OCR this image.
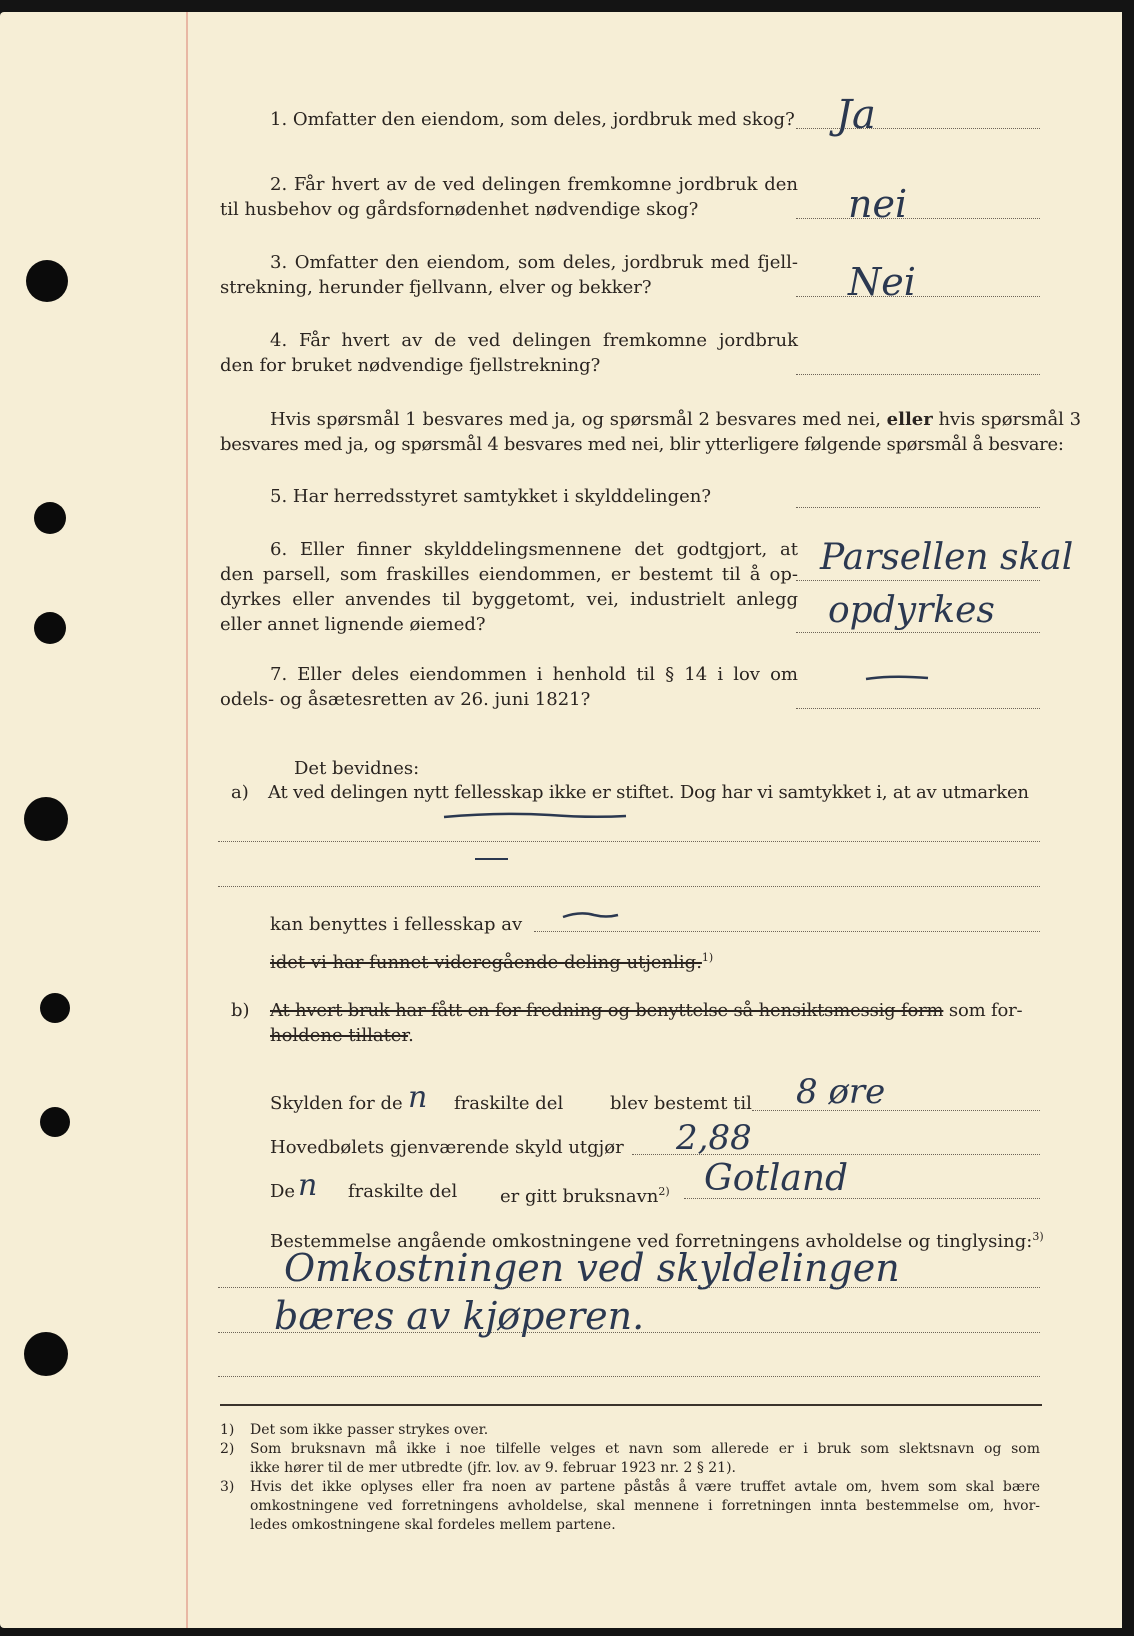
1. Omfatter den eiendom, som deles, jordbruk med skog? Ja
2. Får hvert av de ved delingen fremkomne jordbruk den
til husbehov og gårdsfornødenhet nødvendige skog?	nei
3. Omfatter den eiendom, som deles, jordbruk med fjell-
strekning, herunder fjellvann, elver og bekker?	Nei
4. Får hvert av de ved delingen fremkomne jordbruk
den for bruket nødvendige fjellstrekning?
Hvis spørsmål 1 besvares med ja, og spørsmål 2 besvares med nei, eller hvis spørsmål 3
besvares med ja, og spørsmål 4 besvares med nei, blir ytterligere følgende spørsmål å besvare:
5. Har herredsstyret samtykket i skylddelingen?
6. Eller finner skylddelingsmennene det godtgjort, at
den parsell, som fraskilles eiendommen, er bestemt til å op-
dyrkes eller anvendes til byggetomt, vei, industrielt anlegg
eller annet lignende øiemed?
Parsellen skal
opdyrkes
7. Eller deles eiendommen i henhold til § 14 i lov om
odels- og åsætesretten av 26. juni 1821?
Det bevidnes:
a) At ved delingen nytt fellesskap ikke er stiftet. Dog har vi samtykket i, at av utmarken
kan benyttes i fellesskap av
idet vi har funnet videregående deling utjenlig.$^{1)}$
b) At hvert bruk har fått en for fredning og benyttelse så hensiktsmessig form som for-
holdene tillater.
Skylden for de n fraskilte del	blev bestemt til 8 øre
Hovedbølets gjenværende skyld utgjør 2,88
De n fraskilte del er gitt bruksnavn$^{2)}$ Gotland
Bestemmelse angående omkostningene ved forretningens avholdelse og tinglysing:$^{3)}$
Omkostningen ved skyldelingen
bæres av kjøperen.
1) Det som ikke passer strykes over.
2) Som bruksnavn må ikke i noe tilfelle velges et navn som allerede er i bruk som slektsnavn og som
ikke hører til de mer utbredte (jfr. lov. av 9. februar 1923 nr. 2 § 21).
3) Hvis det ikke oplyses eller fra noen av partene påstås å være truffet avtale om, hvem som skal bære
omkostningene ved forretningens avholdelse, skal mennene i forretningen innta bestemmelse om, hvor-
ledes omkostningene skal fordeles mellem partene.
